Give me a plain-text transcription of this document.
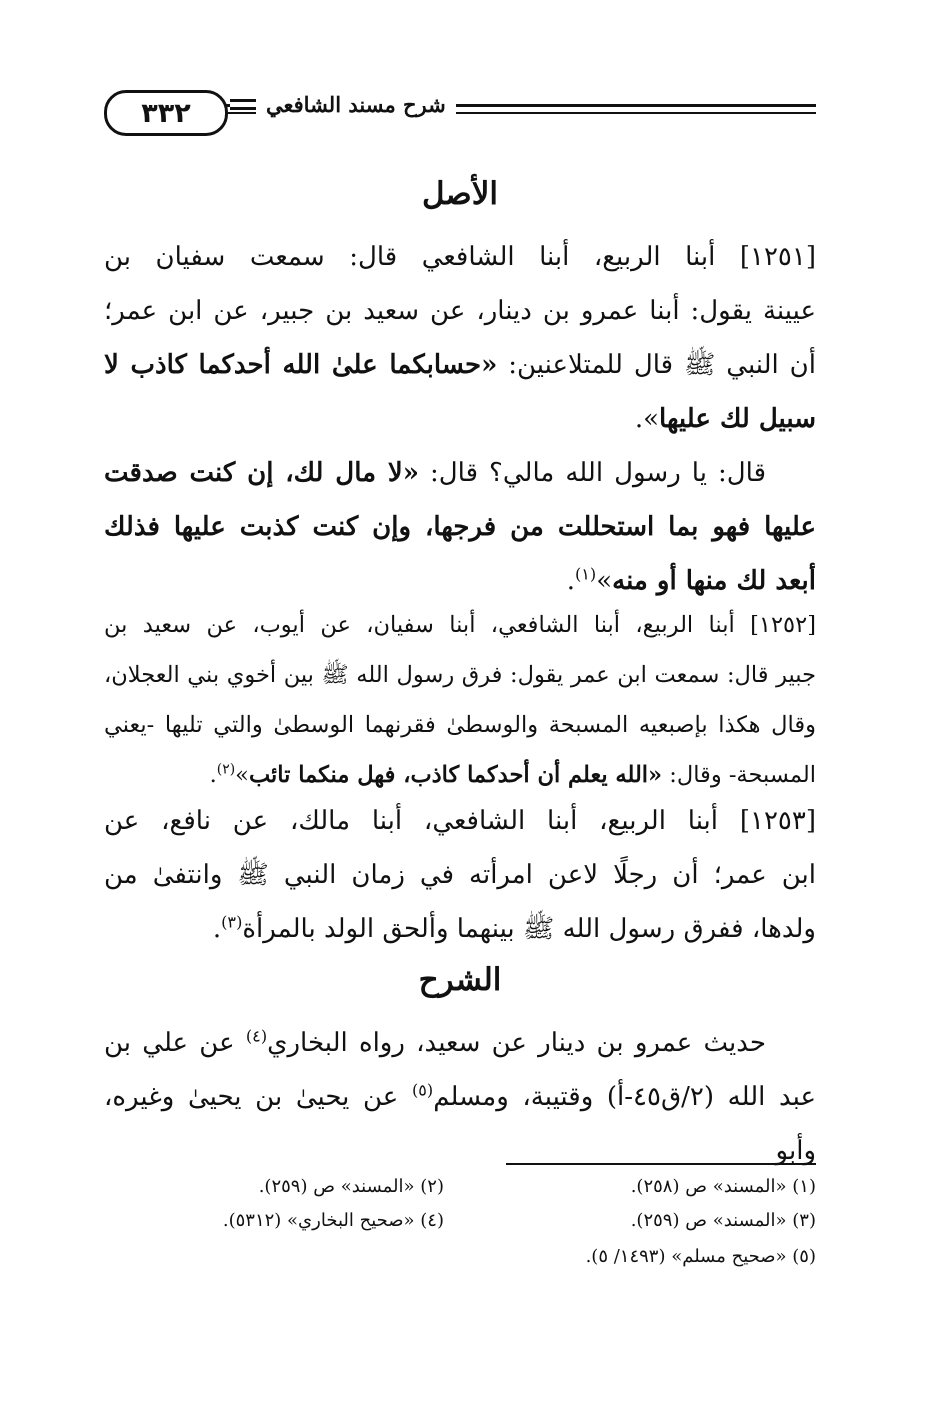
٣٣٢	شرح مسند الشافعي
الأصل

[١٢٥١] أبنا الربيع، أبنا الشافعي قال: سمعت سفيان بن

عيينة يقول: أبنا عمرو بن دينار، عن سعيد بن جبير، عن ابن عمر؛

أن النبي ﷺ قال للمتلاعنين: «حسابكما علىٰ الله أحدكما كاذب لا

سبيل لك عليها».

قال: يا رسول الله مالي؟ قال: «لا مال لك، إن كنت صدقت

عليها فهو بما استحللت من فرجها، وإن كنت كذبت عليها فذلك

أبعد لك منها أو منه»$^{(١)}$.

[١٢٥٢] أبنا الربيع، أبنا الشافعي، أبنا سفيان، عن أيوب، عن سعيد بن

جبير قال: سمعت ابن عمر يقول: فرق رسول الله ﷺ بين أخوي بني العجلان،

وقال هكذا بإصبعيه المسبحة والوسطىٰ فقرنهما الوسطىٰ والتي تليها -يعني

المسبحة- وقال: «الله يعلم أن أحدكما كاذب، فهل منكما تائب»$^{(٢)}$.

[١٢٥٣] أبنا الربيع، أبنا الشافعي، أبنا مالك، عن نافع، عن

ابن عمر؛ أن رجلًا لاعن امرأته في زمان النبي ﷺ وانتفىٰ من

ولدها، ففرق رسول الله ﷺ بينهما وألحق الولد بالمرأة$^{(٣)}$.

الشرح

حديث عمرو بن دينار عن سعيد، رواه البخاري$^{(٤)}$ عن علي بن

عبد الله (٢/ق٤٥-أ) وقتيبة، ومسلم$^{(٥)}$ عن يحيىٰ بن يحيىٰ وغيره، وأبو

(١) «المسند» ص (٢٥٨).
(٢) «المسند» ص (٢٥٩).
(٣) «المسند» ص (٢٥٩).
(٤) «صحيح البخاري» (٥٣١٢).
(٥) «صحيح مسلم» (١٤٩٣/ ٥).
